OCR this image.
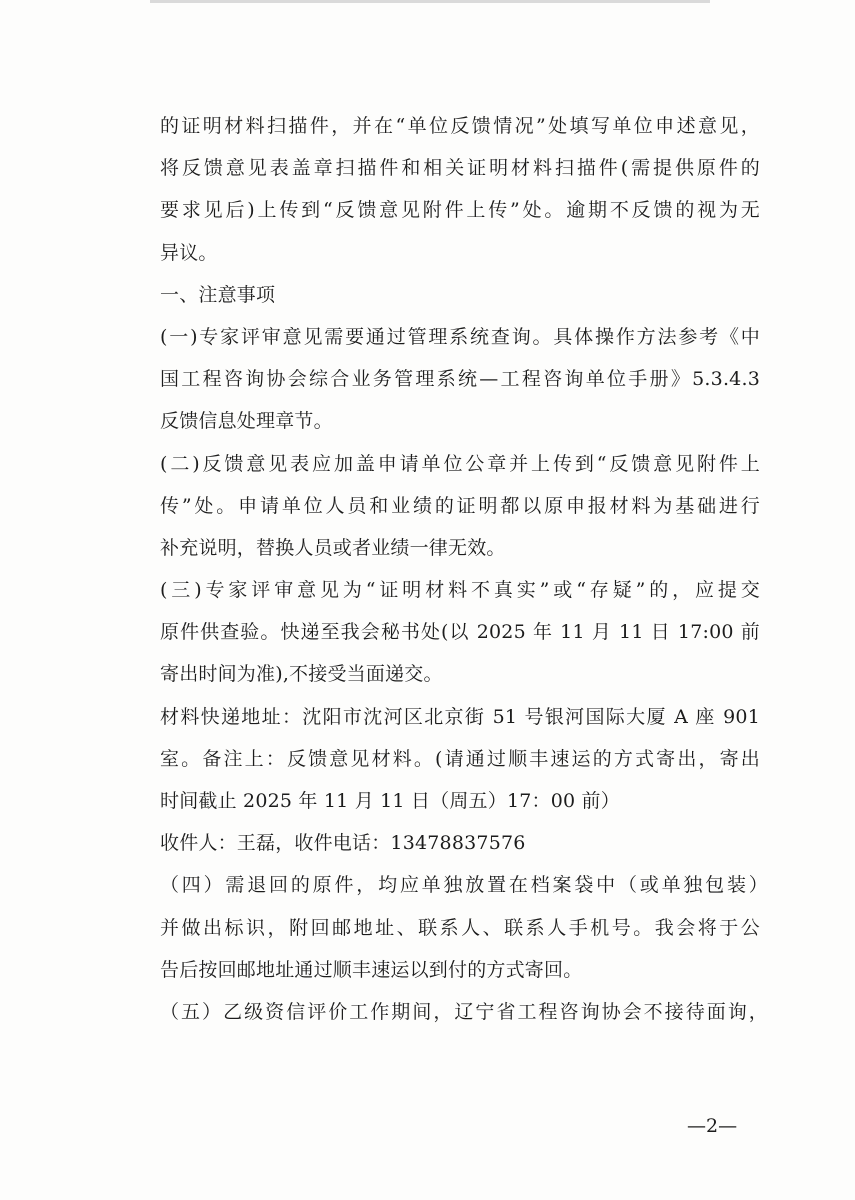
的证明材料扫描件，并在“单位反馈情况”处填写单位申述意见，
将反馈意见表盖章扫描件和相关证明材料扫描件(需提供原件的
要求见后)上传到“反馈意见附件上传”处。逾期不反馈的视为无
异议。
一、注意事项
(一)专家评审意见需要通过管理系统查询。具体操作方法参考《中
国工程咨询协会综合业务管理系统—工程咨询单位手册》5.3.4.3
反馈信息处理章节。
(二)反馈意见表应加盖申请单位公章并上传到“反馈意见附件上
传”处。申请单位人员和业绩的证明都以原申报材料为基础进行
补充说明，替换人员或者业绩一律无效。
(三)专家评审意见为“证明材料不真实”或“存疑”的，应提交
原件供查验。快递至我会秘书处(以 2025 年 11 月 11 日 17:00 前
寄出时间为准),不接受当面递交。
材料快递地址：沈阳市沈河区北京街 51 号银河国际大厦 A 座 901
室。备注上：反馈意见材料。(请通过顺丰速运的方式寄出，寄出
时间截止 2025 年 11 月 11 日（周五）17：00 前）
收件人：王磊，收件电话：13478837576
（四）需退回的原件，均应单独放置在档案袋中（或单独包装）
并做出标识，附回邮地址、联系人、联系人手机号。我会将于公
告后按回邮地址通过顺丰速运以到付的方式寄回。
（五）乙级资信评价工作期间，辽宁省工程咨询协会不接待面询，
—2—
